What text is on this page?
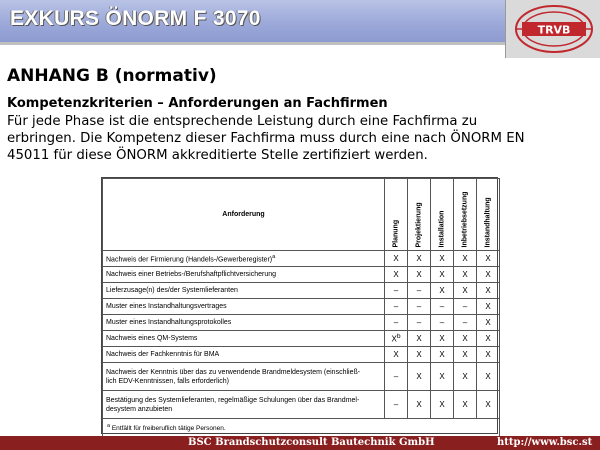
EXKURS ÖNORM F 3070	TRVB
ANHANG B (normativ)
Kompetenzkriterien – Anforderungen an Fachfirmen
Für jede Phase ist die entsprechende Leistung durch eine Fachfirma zu
erbringen. Die Kompetenz dieser Fachfirma muss durch eine nach ÖNORM EN
45011 für diese ÖNORM akkreditierte Stelle zertifiziert werden.
Anforderung	Planung	Projektierung	Installation	Inbetriebsetzung	Instandhaltung

Nachweis der Firmierung (Handels-/Gewerberegister)$^a$	X	X	X	X	X
Nachweis einer Betriebs-/Berufshaftpflichtversicherung	X	X	X	X	X
Lieferzusage(n) des/der Systemlieferanten	–	–	X	X	X
Muster eines Instandhaltungsvertrages	–	–	–	–	X
Muster eines Instandhaltungsprotokolles	–	–	–	–	X
Nachweis eines QM-Systems	$X^b$	X	X	X	X
Nachweis der Fachkenntnis für BMA	X	X	X	X	X

Nachweis der Kenntnis über das zu verwendende Brandmeldesystem (einschließ-
lich EDV-Kenntnissen, falls erforderlich)	–	X	X	X	X

Bestätigung des Systemlieferanten, regelmäßige Schulungen über das Brandmel-
desystem anzubieten	–	X	X	X	X

$^a$ Entfällt für freiberuflich tätige Personen.					
BSC Brandschutzconsult Bautechnik GmbH	http://www.bsc.st
